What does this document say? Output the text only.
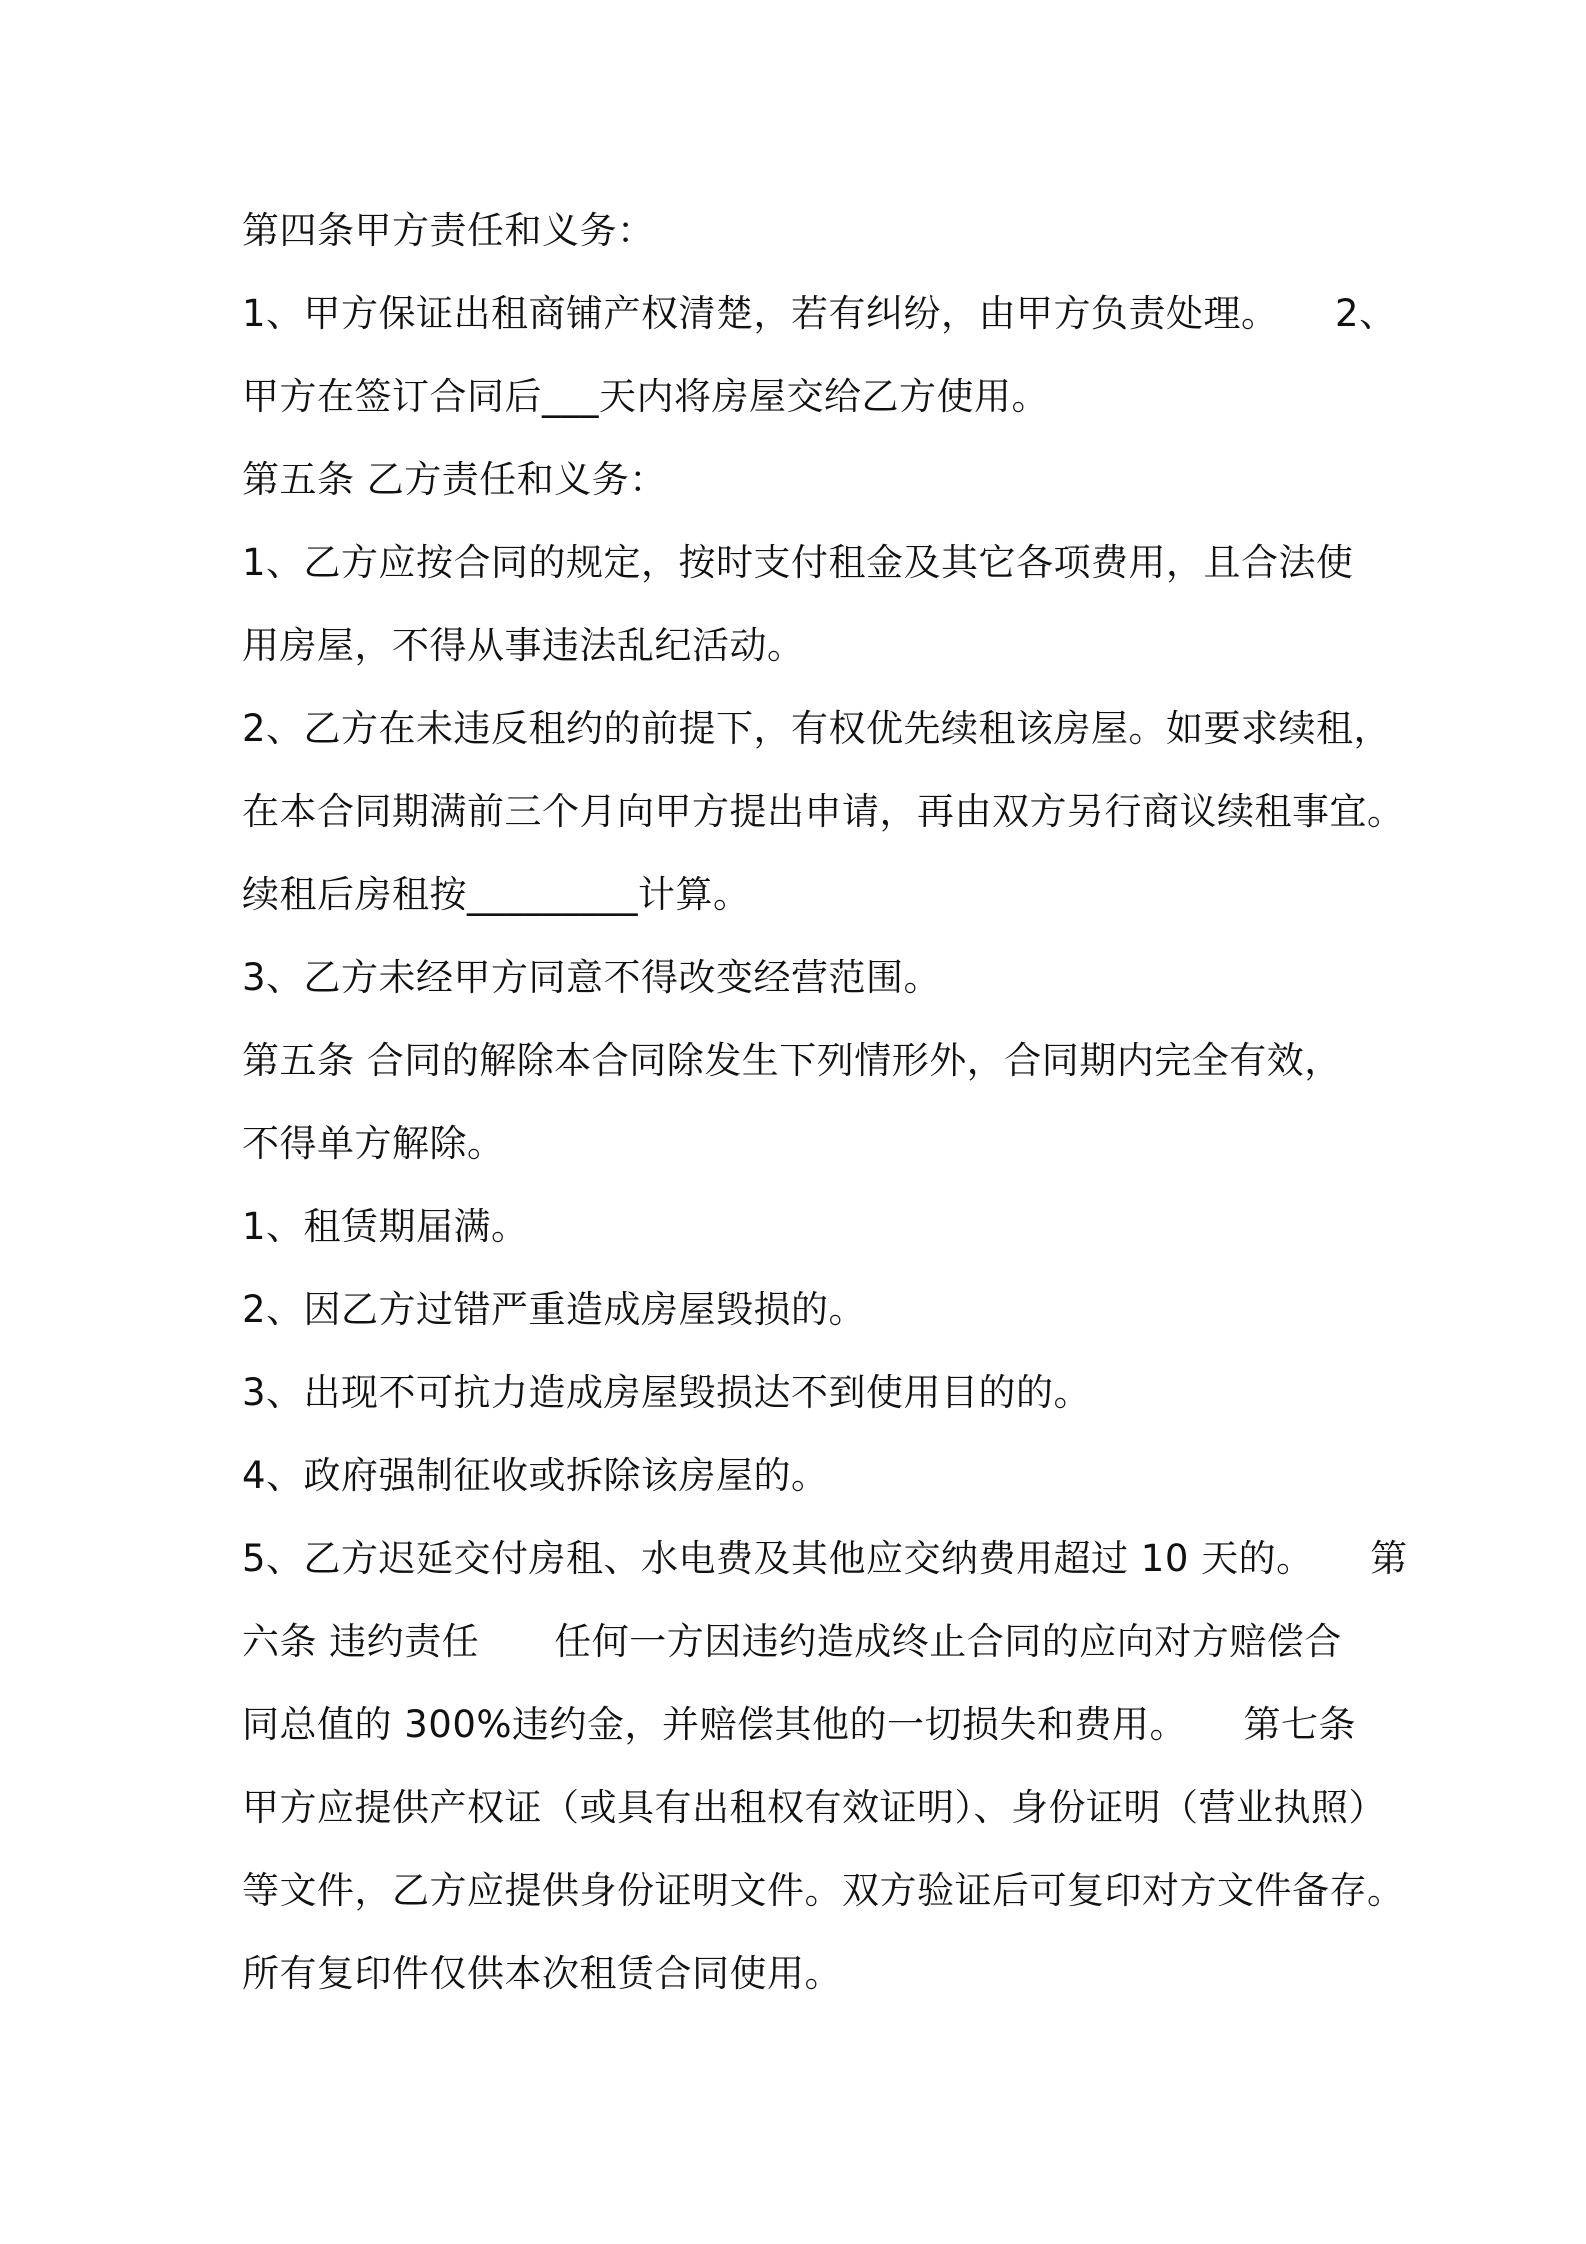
第四条甲方责任和义务：
1、甲方保证出租商铺产权清楚，若有纠纷，由甲方负责处理。　　2、
甲方在签订合同后___天内将房屋交给乙方使用。
第五条 乙方责任和义务：
1、乙方应按合同的规定，按时支付租金及其它各项费用，且合法使
用房屋，不得从事违法乱纪活动。
2、乙方在未违反租约的前提下，有权优先续租该房屋。如要求续租，
在本合同期满前三个月向甲方提出申请，再由双方另行商议续租事宜。
续租后房租按_________计算。
3、乙方未经甲方同意不得改变经营范围。
第五条 合同的解除本合同除发生下列情形外，合同期内完全有效，
不得单方解除。
1、租赁期届满。
2、因乙方过错严重造成房屋毁损的。
3、出现不可抗力造成房屋毁损达不到使用目的的。
4、政府强制征收或拆除该房屋的。
5、乙方迟延交付房租、水电费及其他应交纳费用超过 10 天的。　　第
六条 违约责任　　任何一方因违约造成终止合同的应向对方赔偿合
同总值的 300%违约金，并赔偿其他的一切损失和费用。　　第七条
甲方应提供产权证（或具有出租权有效证明）、身份证明（营业执照）
等文件，乙方应提供身份证明文件。双方验证后可复印对方文件备存。
所有复印件仅供本次租赁合同使用。
